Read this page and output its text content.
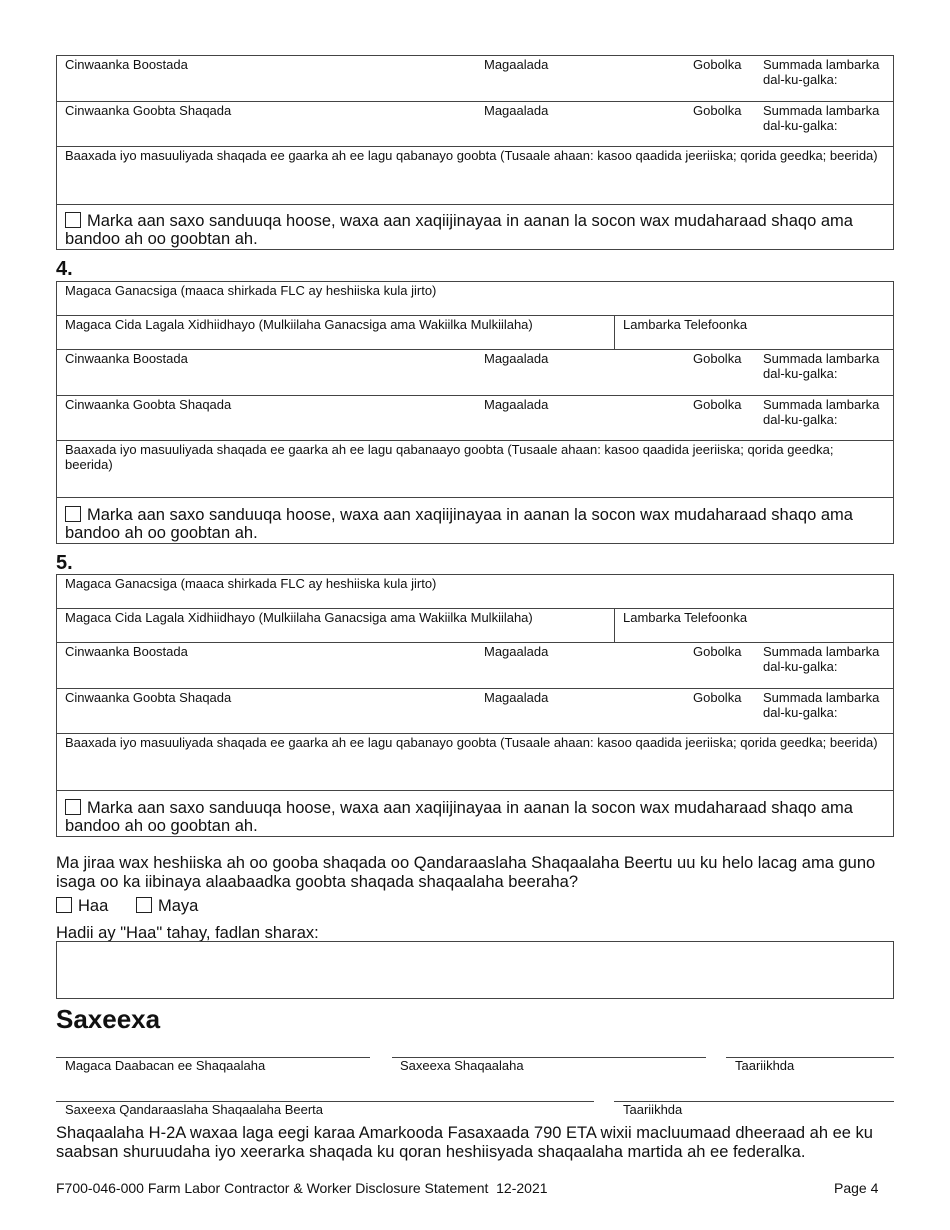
Cinwaanka Boostada	Magaalada	Gobolka Summada lambarka
dal-ku-galka:
Cinwaanka Goobta Shaqada	Magaalada	Gobolka Summada lambarka
dal-ku-galka:
Baaxada iyo masuuliyada shaqada ee gaarka ah ee lagu qabanayo goobta (Tusaale ahaan: kasoo qaadida jeeriiska; qorida geedka; beerida)
Marka aan saxo sanduuqa hoose, waxa aan xaqiijinayaa in aanan la socon wax mudaharaad shaqo ama bandoo ah oo goobtan ah.
4.
Magaca Ganacsiga (maaca shirkada FLC ay heshiiska kula jirto)
Magaca Cida Lagala Xidhiidhayo (Mulkiilaha Ganacsiga ama Wakiilka Mulkiilaha)	Lambarka Telefoonka
Cinwaanka Boostada	Magaalada	Gobolka Summada lambarka
dal-ku-galka:
Cinwaanka Goobta Shaqada	Magaalada	Gobolka Summada lambarka
dal-ku-galka:
Baaxada iyo masuuliyada shaqada ee gaarka ah ee lagu qabanaayo goobta (Tusaale ahaan: kasoo qaadida jeeriiska; qorida geedka; beerida)
Marka aan saxo sanduuqa hoose, waxa aan xaqiijinayaa in aanan la socon wax mudaharaad shaqo ama bandoo ah oo goobtan ah.
5.
Magaca Ganacsiga (maaca shirkada FLC ay heshiiska kula jirto)
Magaca Cida Lagala Xidhiidhayo (Mulkiilaha Ganacsiga ama Wakiilka Mulkiilaha)	Lambarka Telefoonka
Cinwaanka Boostada	Magaalada	Gobolka Summada lambarka
dal-ku-galka:
Cinwaanka Goobta Shaqada	Magaalada	Gobolka Summada lambarka
dal-ku-galka:
Baaxada iyo masuuliyada shaqada ee gaarka ah ee lagu qabanayo goobta (Tusaale ahaan: kasoo qaadida jeeriiska; qorida geedka; beerida)
Marka aan saxo sanduuqa hoose, waxa aan xaqiijinayaa in aanan la socon wax mudaharaad shaqo ama bandoo ah oo goobtan ah.
Ma jiraa wax heshiiska ah oo gooba shaqada oo Qandaraaslaha Shaqaalaha Beertu uu ku helo lacag ama guno isaga oo ka iibinaya alaabaadka goobta shaqada shaqaalaha beeraha?
Haa	Maya
Hadii ay "Haa" tahay, fadlan sharax:
Saxeexa
Magaca Daabacan ee Shaqaalaha	Saxeexa Shaqaalaha	Taariikhda
Saxeexa Qandaraaslaha Shaqaalaha Beerta	Taariikhda
Shaqaalaha H-2A waxaa laga eegi karaa Amarkooda Fasaxaada 790 ETA wixii macluumaad dheeraad ah ee ku saabsan shuruudaha iyo xeerarka shaqada ku qoran heshiisyada shaqaalaha martida ah ee federalka.
F700-046-000 Farm Labor Contractor & Worker Disclosure Statement  12-2021	Page 4
